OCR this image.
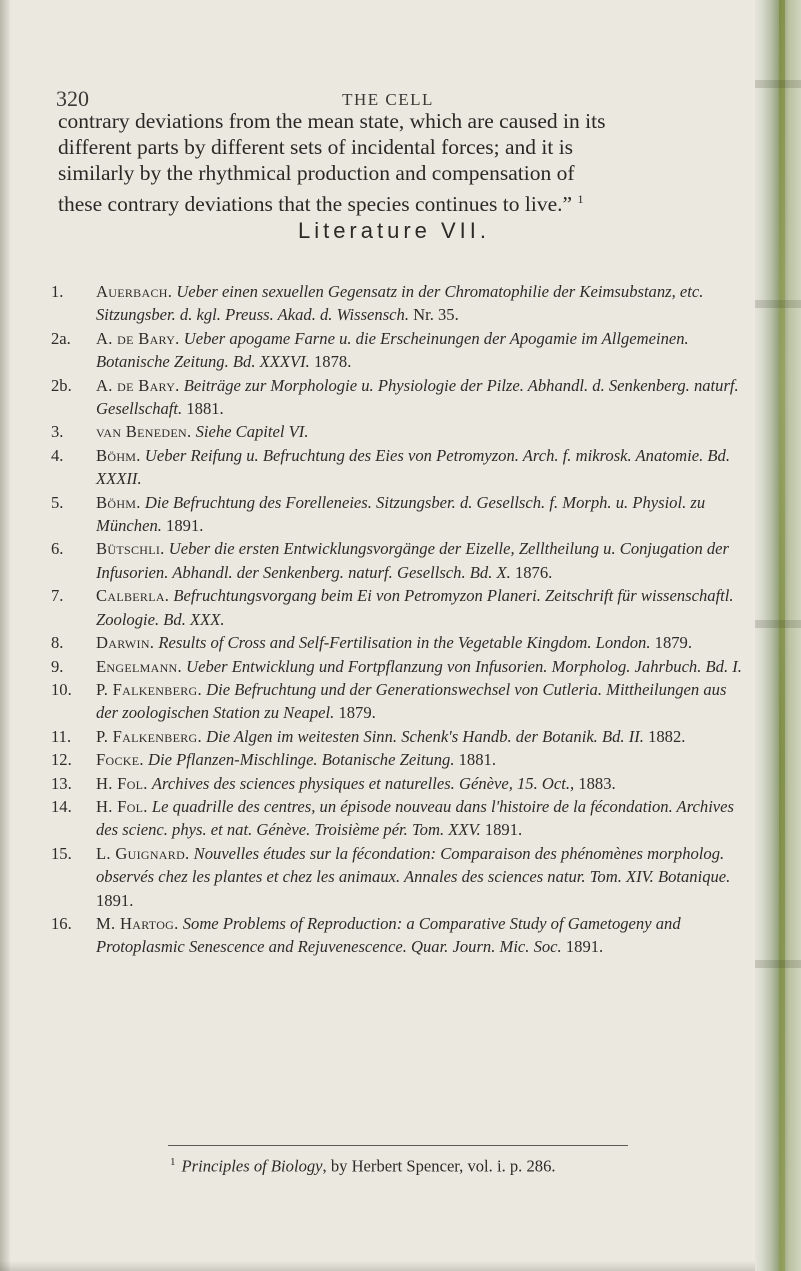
320	THE CELL
contrary deviations from the mean state, which are caused in its
different parts by different sets of incidental forces; and it is
similarly by the rhythmical production and compensation of
these contrary deviations that the species continues to live.” $^1$
Literature VII.
1. Auerbach. Ueber einen sexuellen Gegensatz in der Chromatophilie der Keimsubstanz, etc. Sitzungsber. d. kgl. Preuss. Akad. d. Wissensch. Nr. 35.
2a. A. de Bary. Ueber apogame Farne u. die Erscheinungen der Apogamie im Allgemeinen. Botanische Zeitung. Bd. XXXVI. 1878.
2b. A. de Bary. Beiträge zur Morphologie u. Physiologie der Pilze. Abhandl. d. Senkenberg. naturf. Gesellschaft. 1881.
3. van Beneden. Siehe Capitel VI.
4. Böhm. Ueber Reifung u. Befruchtung des Eies von Petromyzon. Arch. f. mikrosk. Anatomie. Bd. XXXII.
5. Böhm. Die Befruchtung des Forelleneies. Sitzungsber. d. Gesellsch. f. Morph. u. Physiol. zu München. 1891.
6. Bütschli. Ueber die ersten Entwicklungsvorgänge der Eizelle, Zelltheilung u. Conjugation der Infusorien. Abhandl. der Senkenberg. naturf. Gesellsch. Bd. X. 1876.
7. Calberla. Befruchtungsvorgang beim Ei von Petromyzon Planeri. Zeitschrift für wissenschaftl. Zoologie. Bd. XXX.
8. Darwin. Results of Cross and Self-Fertilisation in the Vegetable Kingdom. London. 1879.
9. Engelmann. Ueber Entwicklung und Fortpflanzung von Infusorien. Morpholog. Jahrbuch. Bd. I.
10. P. Falkenberg. Die Befruchtung und der Generationswechsel von Cutleria. Mittheilungen aus der zoologischen Station zu Neapel. 1879.
11. P. Falkenberg. Die Algen im weitesten Sinn. Schenk's Handb. der Botanik. Bd. II. 1882.
12. Focke. Die Pflanzen-Mischlinge. Botanische Zeitung. 1881.
13. H. Fol. Archives des sciences physiques et naturelles. Génève, 15. Oct., 1883.
14. H. Fol. Le quadrille des centres, un épisode nouveau dans l'histoire de la fécondation. Archives des scienc. phys. et nat. Génève. Troisième pér. Tom. XXV. 1891.
15. L. Guignard. Nouvelles études sur la fécondation: Comparaison des phénomènes morpholog. observés chez les plantes et chez les animaux. Annales des sciences natur. Tom. XIV. Botanique. 1891.
16. M. Hartog. Some Problems of Reproduction: a Comparative Study of Gametogeny and Protoplasmic Senescence and Rejuvenescence. Quar. Journ. Mic. Soc. 1891.
$^1$ Principles of Biology, by Herbert Spencer, vol. i. p. 286.
